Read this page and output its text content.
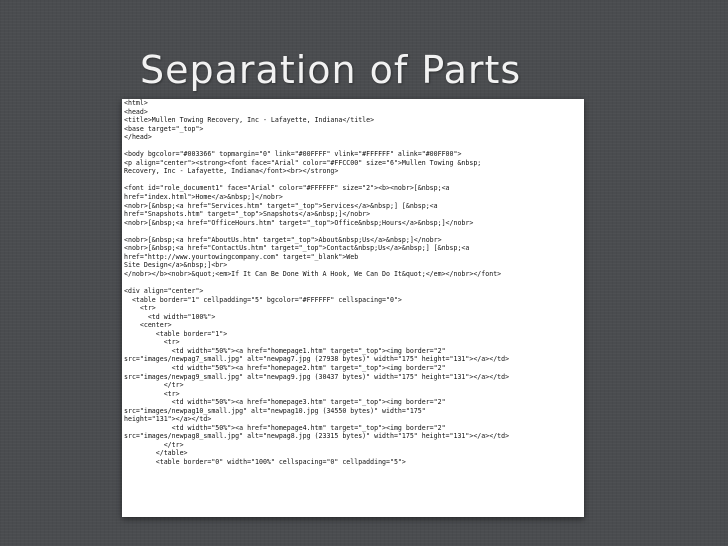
Separation of Parts
<html>
<head>
<title>Mullen Towing Recovery, Inc - Lafayette, Indiana</title>
<base target="_top">
</head>
<body bgcolor="#003366" topmargin="0" link="#00FFFF" vlink="#FFFFFF" alink="#00FF00">
<p align="center"><strong><font face="Arial" color="#FFCC00" size="6">Mullen Towing &nbsp;
Recovery, Inc - Lafayette, Indiana</font><br></strong>
<font id="role_document1" face="Arial" color="#FFFFFF" size="2"><b><nobr>[&nbsp;<a
href="index.html">Home</a>&nbsp;]</nobr>
<nobr>[&nbsp;<a href="Services.htm" target="_top">Services</a>&nbsp;] [&nbsp;<a
href="Snapshots.htm" target="_top">Snapshots</a>&nbsp;]</nobr>
<nobr>[&nbsp;<a href="OfficeHours.htm" target="_top">Office&nbsp;Hours</a>&nbsp;]</nobr>
<nobr>[&nbsp;<a href="AboutUs.htm" target="_top">About&nbsp;Us</a>&nbsp;]</nobr>
<nobr>[&nbsp;<a href="ContactUs.htm" target="_top">Contact&nbsp;Us</a>&nbsp;] [&nbsp;<a
href="http://www.yourtowingcompany.com" target="_blank">Web
Site Design</a>&nbsp;]<br>
</nobr></b><nobr>&quot;<em>If It Can Be Done With A Hook, We Can Do It&quot;</em></nobr></font>
<div align="center">
<table border="1" cellpadding="5" bgcolor="#FFFFFF" cellspacing="0">
<tr>
<td width="100%">
<center>
<table border="1">
<tr>
<td width="50%"><a href="homepage1.htm" target="_top"><img border="2"
src="images/newpag7_small.jpg" alt="newpag7.jpg (27938 bytes)" width="175" height="131"></a></td>
<td width="50%"><a href="homepage2.htm" target="_top"><img border="2"
src="images/newpag9_small.jpg" alt="newpag9.jpg (30437 bytes)" width="175" height="131"></a></td>
</tr>
<tr>
<td width="50%"><a href="homepage3.htm" target="_top"><img border="2"
src="images/newpag10_small.jpg" alt="newpag10.jpg (34550 bytes)" width="175"
height="131"></a></td>
<td width="50%"><a href="homepage4.htm" target="_top"><img border="2"
src="images/newpag8_small.jpg" alt="newpag8.jpg (23315 bytes)" width="175" height="131"></a></td>
</tr>
</table>
<table border="0" width="100%" cellspacing="0" cellpadding="5">
